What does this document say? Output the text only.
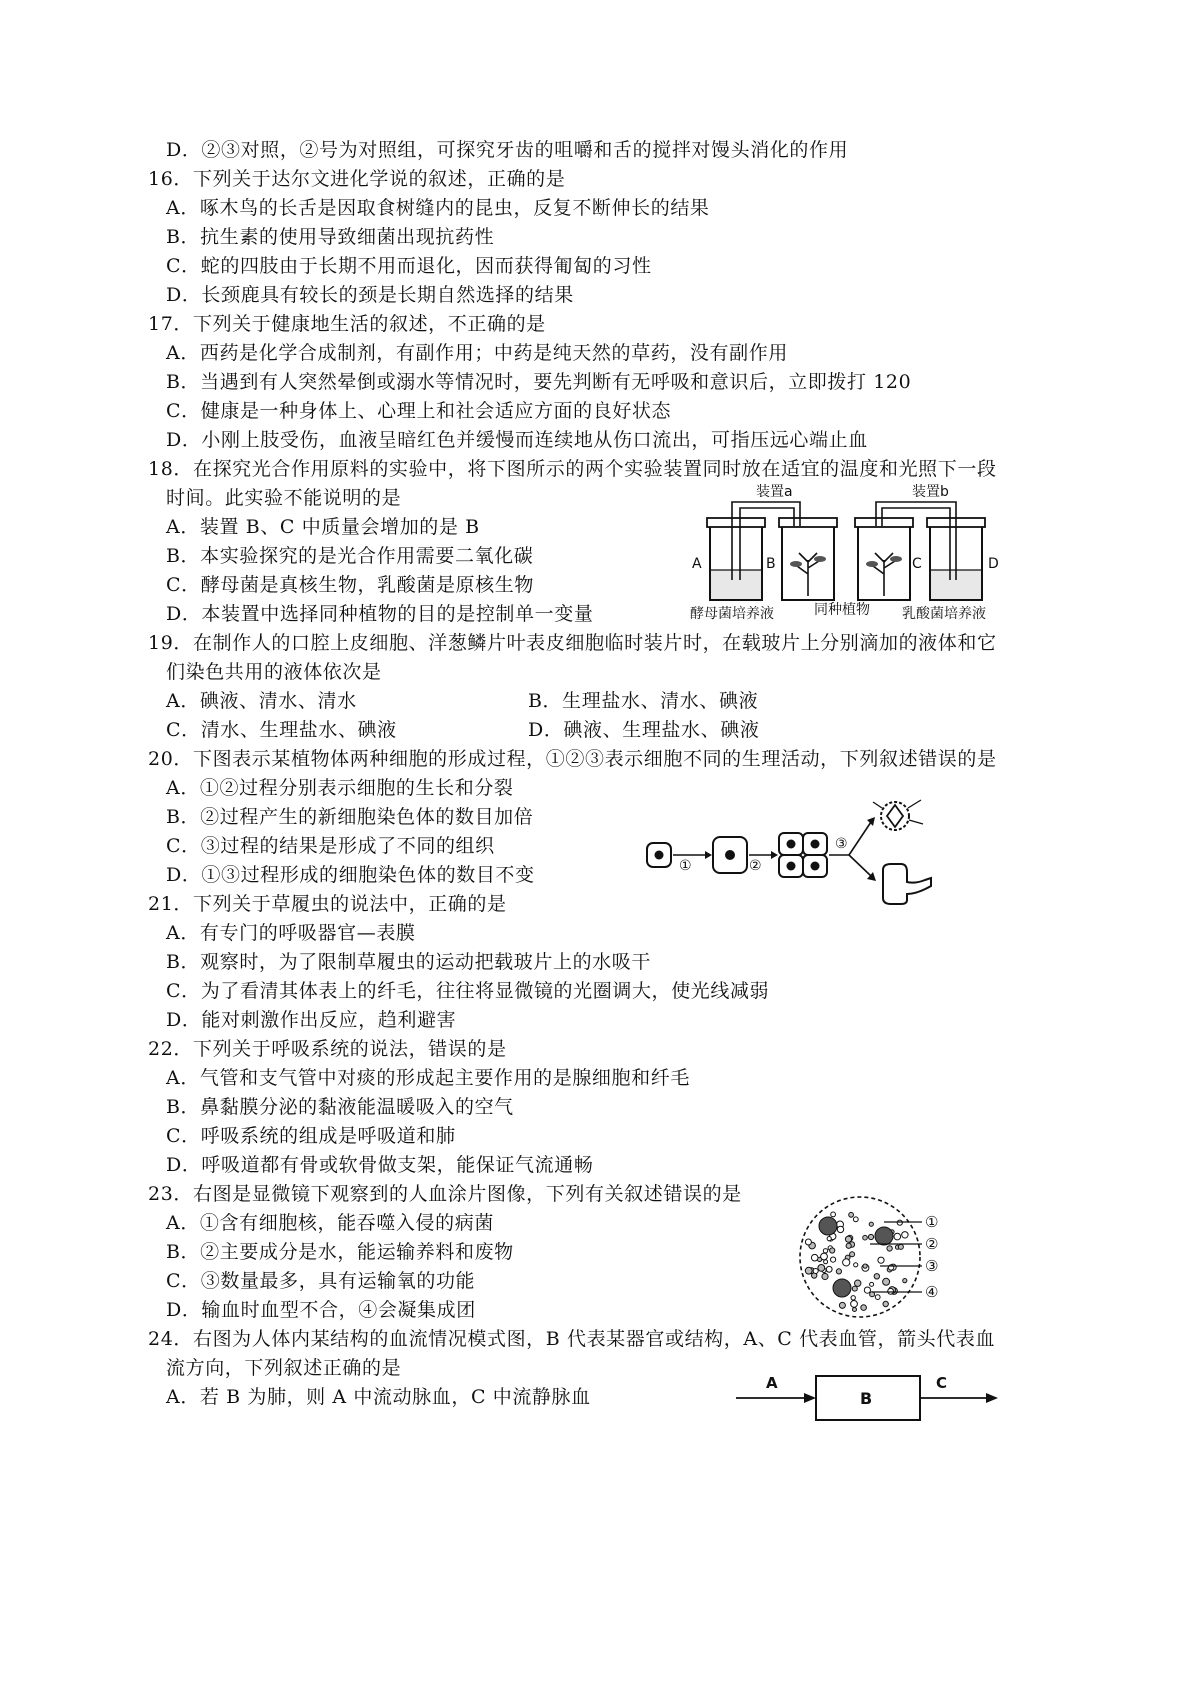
D．②③对照，②号为对照组，可探究牙齿的咀嚼和舌的搅拌对馒头消化的作用
16．下列关于达尔文进化学说的叙述，正确的是
A．啄木鸟的长舌是因取食树缝内的昆虫，反复不断伸长的结果
B．抗生素的使用导致细菌出现抗药性
C．蛇的四肢由于长期不用而退化，因而获得匍匐的习性
D．长颈鹿具有较长的颈是长期自然选择的结果
17．下列关于健康地生活的叙述，不正确的是
A．西药是化学合成制剂，有副作用；中药是纯天然的草药，没有副作用
B．当遇到有人突然晕倒或溺水等情况时，要先判断有无呼吸和意识后，立即拨打 120
C．健康是一种身体上、心理上和社会适应方面的良好状态
D．小刚上肢受伤，血液呈暗红色并缓慢而连续地从伤口流出，可指压远心端止血
18．在探究光合作用原料的实验中，将下图所示的两个实验装置同时放在适宜的温度和光照下一段
时间。此实验不能说明的是
A．装置 B、C 中质量会增加的是 B
B．本实验探究的是光合作用需要二氧化碳
C．酵母菌是真核生物，乳酸菌是原核生物
D．本装置中选择同种植物的目的是控制单一变量
装置a	装置b
A	B	C	D
酵母菌培养液	同种植物 乳酸菌培养液
19．在制作人的口腔上皮细胞、洋葱鳞片叶表皮细胞临时装片时，在载玻片上分别滴加的液体和它
们染色共用的液体依次是
A．碘液、清水、清水	B．生理盐水、清水、碘液
C．清水、生理盐水、碘液	D．碘液、生理盐水、碘液
20．下图表示某植物体两种细胞的形成过程，①②③表示细胞不同的生理活动，下列叙述错误的是
A．①②过程分别表示细胞的生长和分裂
B．②过程产生的新细胞染色体的数目加倍
C．③过程的结果是形成了不同的组织
D．①③过程形成的细胞染色体的数目不变	①	②
③
21．下列关于草履虫的说法中，正确的是
A．有专门的呼吸器官—表膜
B．观察时，为了限制草履虫的运动把载玻片上的水吸干
C．为了看清其体表上的纤毛，往往将显微镜的光圈调大，使光线减弱
D．能对刺激作出反应，趋利避害
22．下列关于呼吸系统的说法，错误的是
A．气管和支气管中对痰的形成起主要作用的是腺细胞和纤毛
B．鼻黏膜分泌的黏液能温暖吸入的空气
C．呼吸系统的组成是呼吸道和肺
D．呼吸道都有骨或软骨做支架，能保证气流通畅
23．右图是显微镜下观察到的人血涂片图像，下列有关叙述错误的是
A．①含有细胞核，能吞噬入侵的病菌
B．②主要成分是水，能运输养料和废物
C．③数量最多，具有运输氧的功能
D．输血时血型不合，④会凝集成团
①
②
③
④
24．右图为人体内某结构的血流情况模式图，B 代表某器官或结构，A、C 代表血管，箭头代表血
流方向，下列叙述正确的是
A．若 B 为肺，则 A 中流动脉血，C 中流静脉血
A
B
C
